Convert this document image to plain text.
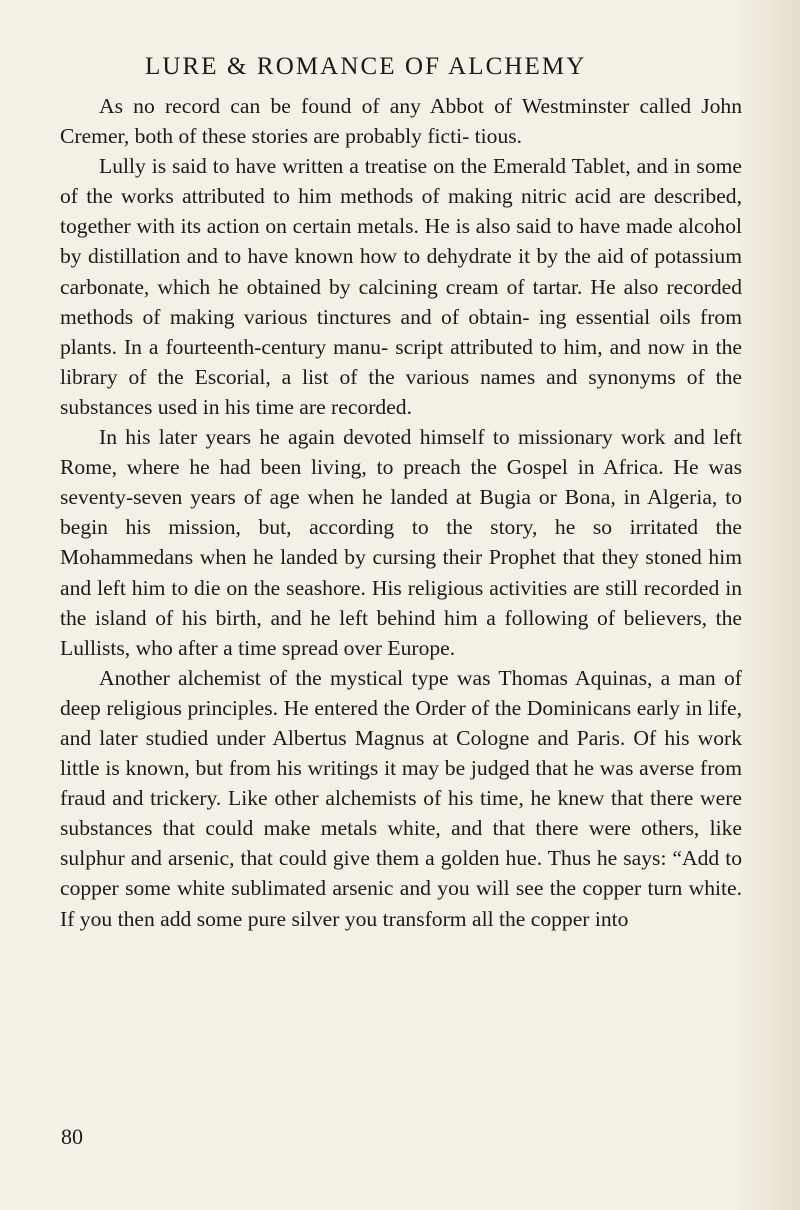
LURE & ROMANCE OF ALCHEMY

As no record can be found of any Abbot of Westminster called John Cremer, both of these stories are probably ficti- tious.

Lully is said to have written a treatise on the Emerald Tablet, and in some of the works attributed to him methods of making nitric acid are described, together with its action on certain metals. He is also said to have made alcohol by distillation and to have known how to dehydrate it by the aid of potassium carbonate, which he obtained by calcining cream of tartar. He also recorded methods of making various tinctures and of obtain- ing essential oils from plants. In a fourteenth-century manu- script attributed to him, and now in the library of the Escorial, a list of the various names and synonyms of the substances used in his time are recorded.

In his later years he again devoted himself to missionary work and left Rome, where he had been living, to preach the Gospel in Africa. He was seventy-seven years of age when he landed at Bugia or Bona, in Algeria, to begin his mission, but, according to the story, he so irritated the Mohammedans when he landed by cursing their Prophet that they stoned him and left him to die on the seashore. His religious activities are still recorded in the island of his birth, and he left behind him a following of believers, the Lullists, who after a time spread over Europe.

Another alchemist of the mystical type was Thomas Aquinas, a man of deep religious principles. He entered the Order of the Dominicans early in life, and later studied under Albertus Magnus at Cologne and Paris. Of his work little is known, but from his writings it may be judged that he was averse from fraud and trickery. Like other alchemists of his time, he knew that there were substances that could make metals white, and that there were others, like sulphur and arsenic, that could give them a golden hue. Thus he says: “Add to copper some white sublimated arsenic and you will see the copper turn white. If you then add some pure silver you transform all the copper into

80
